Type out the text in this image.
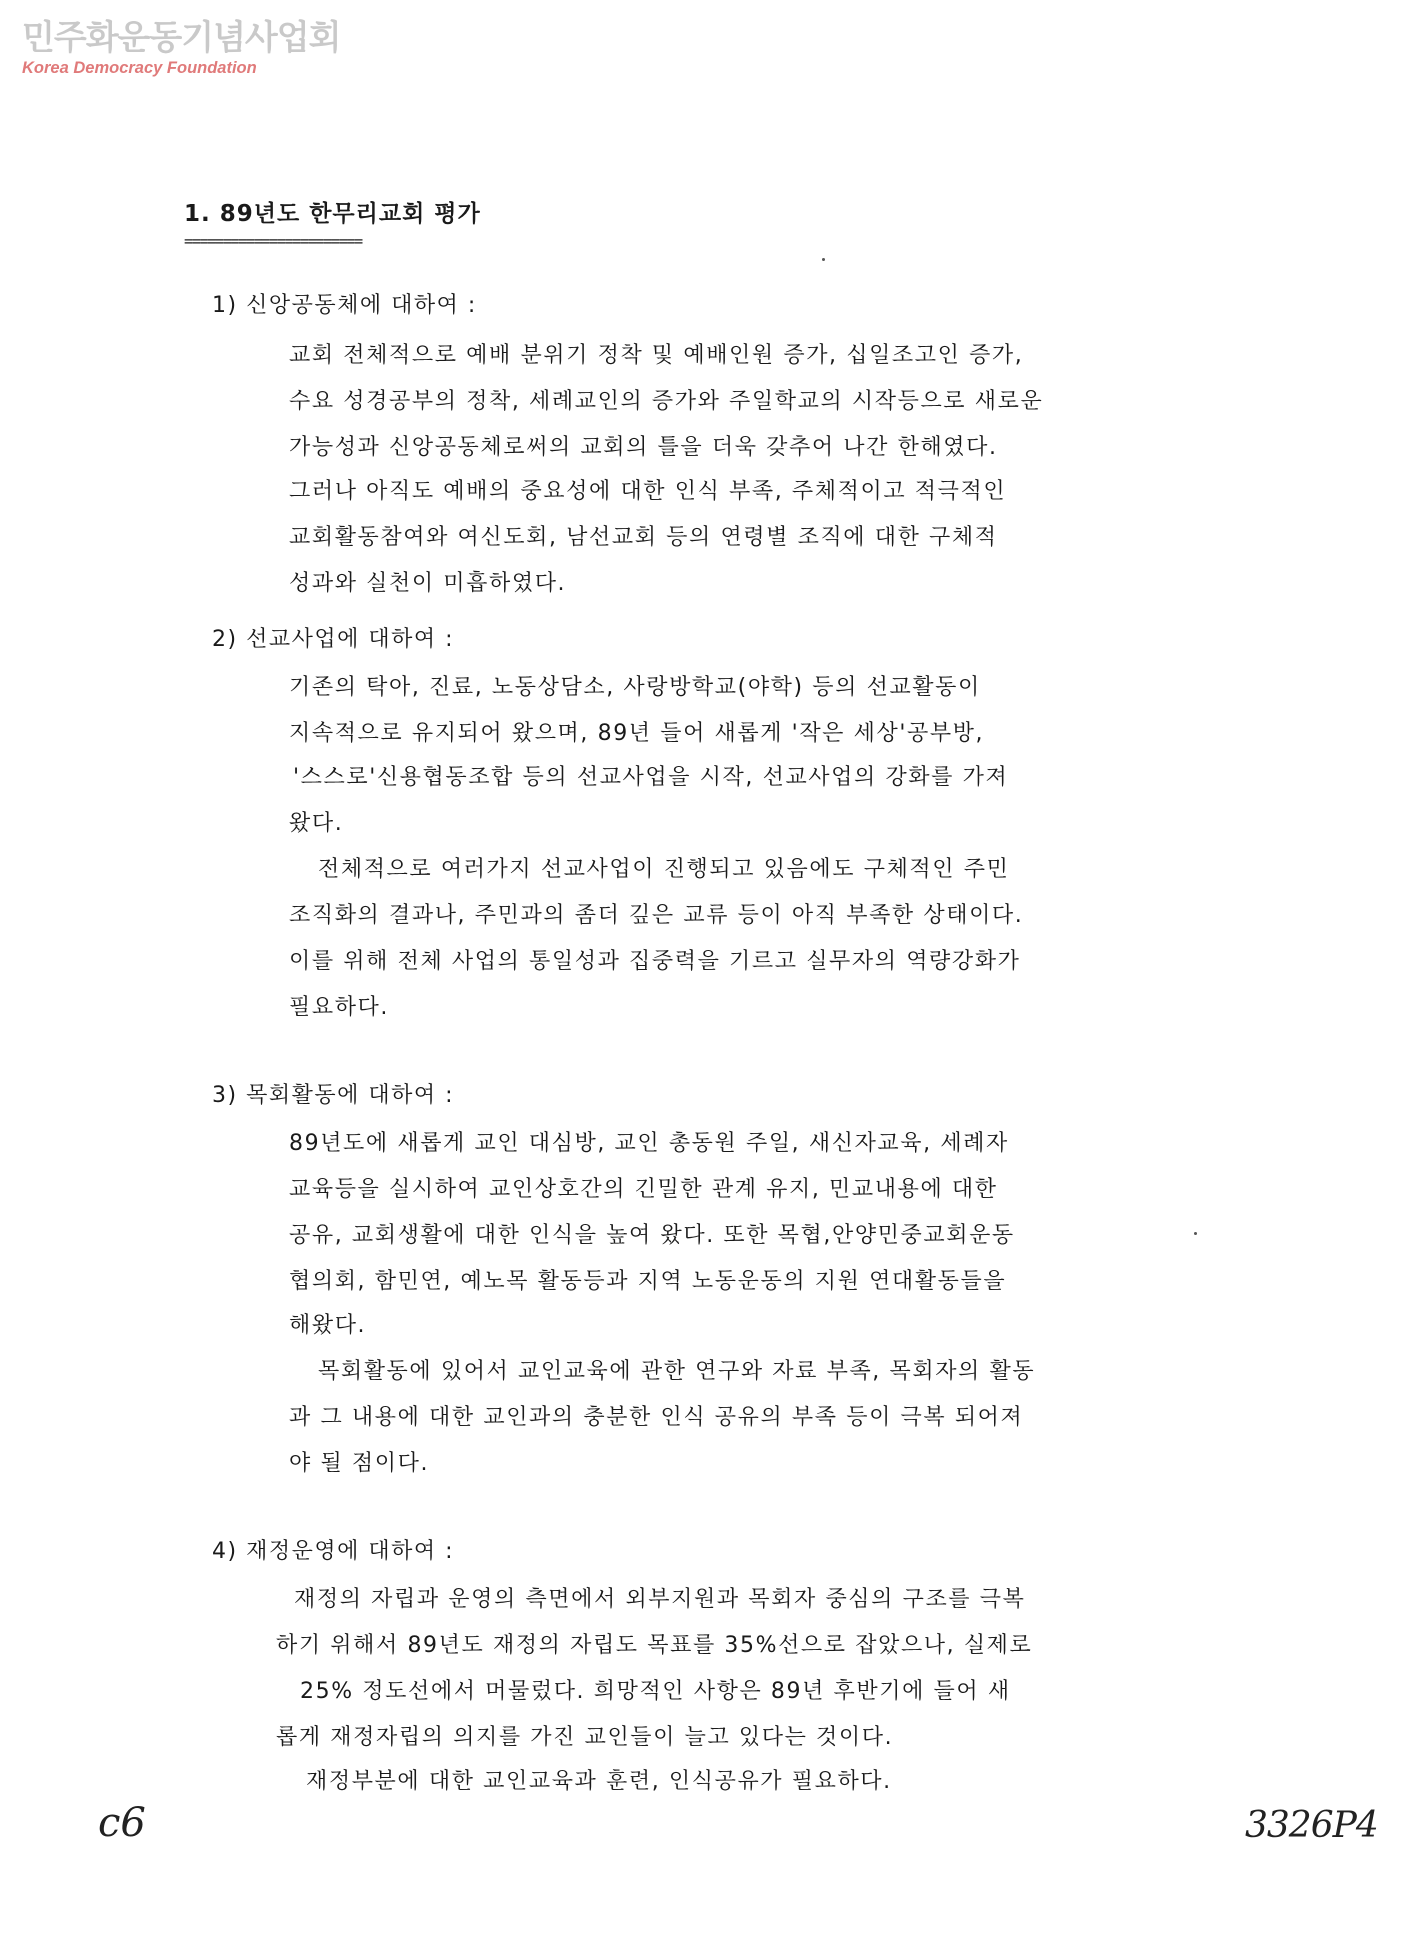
민주화운동기념사업회
Korea Democracy Foundation
1. 89년도 한무리교회 평가
=======================
1) 신앙공동체에 대하여 :
교회 전체적으로 예배 분위기 정착 및 예배인원 증가, 십일조고인 증가,
수요 성경공부의 정착, 세례교인의 증가와 주일학교의 시작등으로 새로운
가능성과 신앙공동체로써의 교회의 틀을 더욱 갖추어 나간 한해였다.
그러나 아직도 예배의 중요성에 대한 인식 부족, 주체적이고 적극적인
교회활동참여와 여신도회, 남선교회 등의 연령별 조직에 대한 구체적
성과와 실천이 미흡하였다.
2) 선교사업에 대하여 :
기존의 탁아, 진료, 노동상담소, 사랑방학교(야학) 등의 선교활동이
지속적으로 유지되어 왔으며, 89년 들어 새롭게 '작은 세상'공부방,
'스스로'신용협동조합 등의 선교사업을 시작, 선교사업의 강화를 가져
왔다.
전체적으로 여러가지 선교사업이 진행되고 있음에도 구체적인 주민
조직화의 결과나, 주민과의 좀더 깊은 교류 등이 아직 부족한 상태이다.
이를 위해 전체 사업의 통일성과 집중력을 기르고 실무자의 역량강화가
필요하다.
3) 목회활동에 대하여 :
89년도에 새롭게 교인 대심방, 교인 총동원 주일, 새신자교육, 세례자
교육등을 실시하여 교인상호간의 긴밀한 관계 유지, 민교내용에 대한
공유, 교회생활에 대한 인식을 높여 왔다. 또한 목협,안양민중교회운동
협의회, 함민연, 예노목 활동등과 지역 노동운동의 지원 연대활동들을
해왔다.
목회활동에 있어서 교인교육에 관한 연구와 자료 부족, 목회자의 활동
과 그 내용에 대한 교인과의 충분한 인식 공유의 부족 등이 극복 되어져
야 될 점이다.
4) 재정운영에 대하여 :
재정의 자립과 운영의 측면에서 외부지원과 목회자 중심의 구조를 극복
하기 위해서 89년도 재정의 자립도 목표를 35%선으로 잡았으나, 실제로
25% 정도선에서 머물렀다. 희망적인 사항은 89년 후반기에 들어 새
롭게 재정자립의 의지를 가진 교인들이 늘고 있다는 것이다.
재정부분에 대한 교인교육과 훈련, 인식공유가 필요하다.
c6	3326P4
